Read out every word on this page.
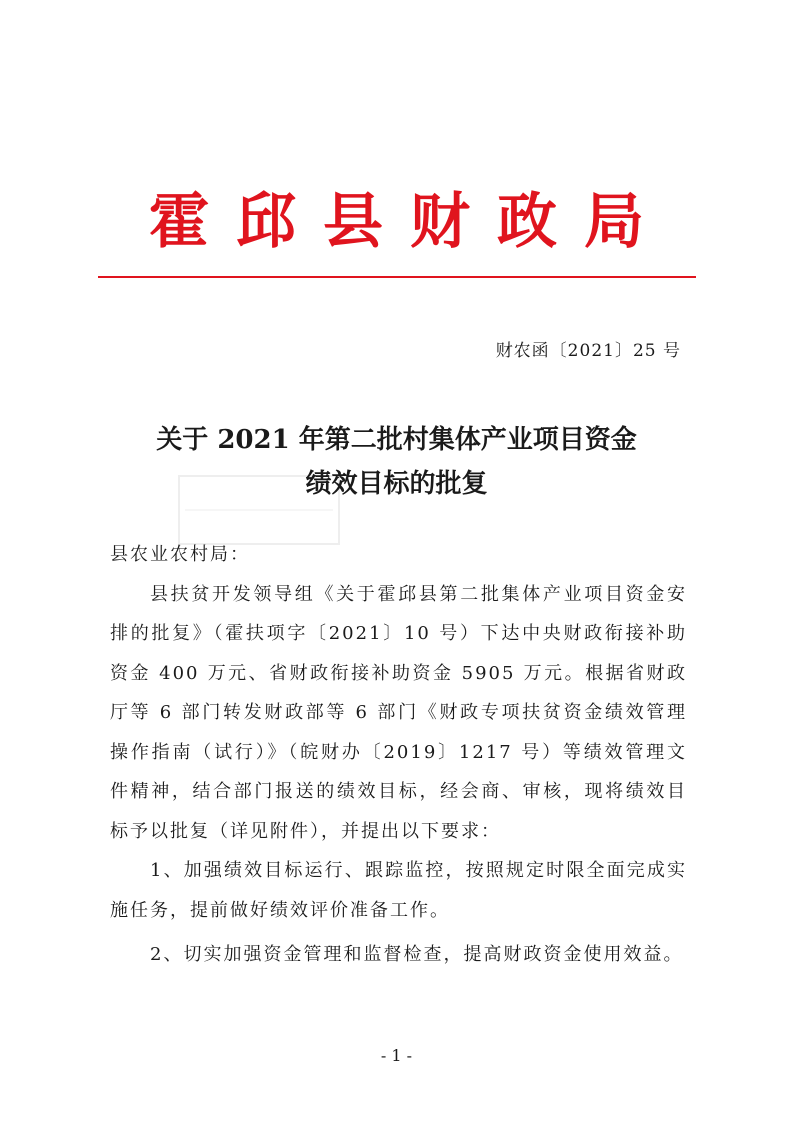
霍邱县财政局
财农函〔2021〕25 号
关于 2021 年第二批村集体产业项目资金
绩效目标的批复

县农业农村局：

县扶贫开发领导组《关于霍邱县第二批集体产业项目资金安排的批复》（霍扶项字〔2021〕10 号）下达中央财政衔接补助资金 400 万元、省财政衔接补助资金 5905 万元。根据省财政厅等 6 部门转发财政部等 6 部门《财政专项扶贫资金绩效管理操作指南（试行）》（皖财办〔2019〕1217 号）等绩效管理文件精神，结合部门报送的绩效目标，经会商、审核，现将绩效目标予以批复（详见附件），并提出以下要求：

1、加强绩效目标运行、跟踪监控，按照规定时限全面完成实施任务，提前做好绩效评价准备工作。

2、切实加强资金管理和监督检查，提高财政资金使用效益。

- 1 -
